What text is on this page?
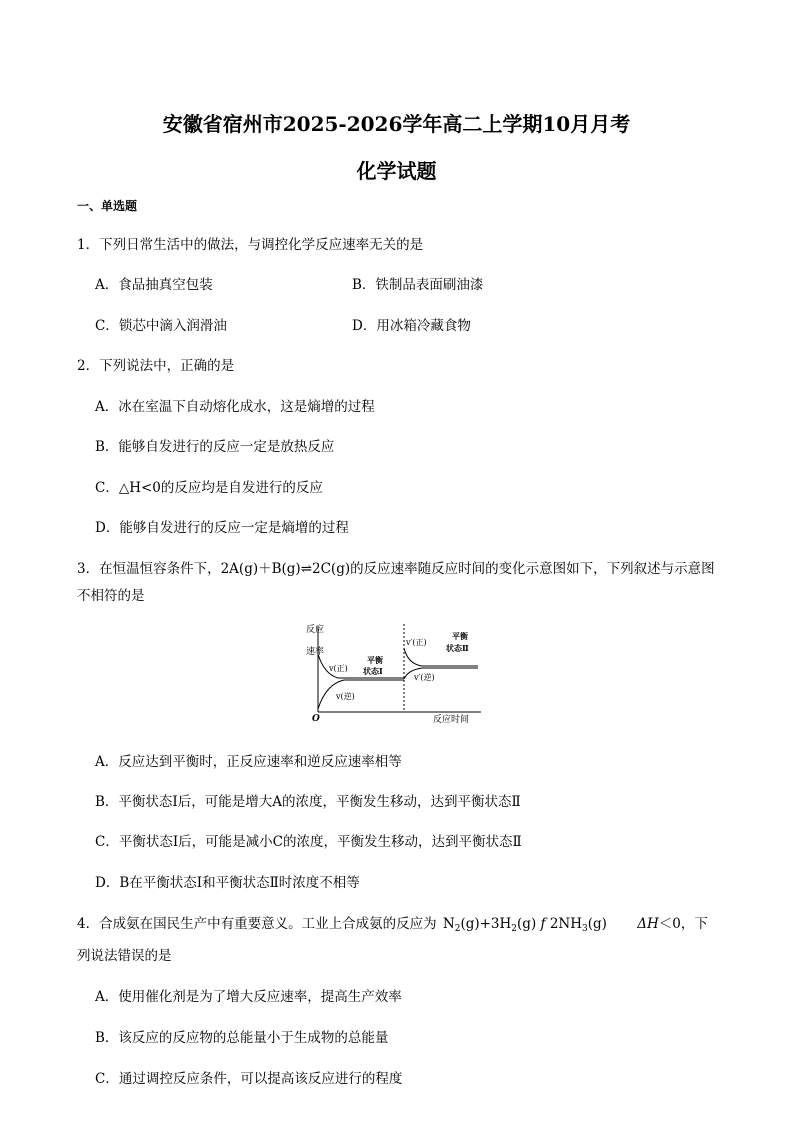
安徽省宿州市2025-2026学年高二上学期10月月考
化学试题
一、单选题
1．下列日常生活中的做法，与调控化学反应速率无关的是
A．食品抽真空包装	B．铁制品表面刷油漆
C．锁芯中滴入润滑油	D．用冰箱冷藏食物
2．下列说法中，正确的是
A．冰在室温下自动熔化成水，这是熵增的过程
B．能够自发进行的反应一定是放热反应
C．△H<0的反应均是自发进行的反应
D．能够自发进行的反应一定是熵增的过程
3．在恒温恒容条件下，2A(g)＋B(g)⇌2C(g)的反应速率随反应时间的变化示意图如下，下列叙述与示意图
不相符的是
反应
速率
O	反应时间
v(正)
v(逆)
平衡
状态Ⅰ
v′(正)
v′(逆)
平衡
状态Ⅱ
A．反应达到平衡时，正反应速率和逆反应速率相等
B．平衡状态Ⅰ后，可能是增大A的浓度，平衡发生移动，达到平衡状态Ⅱ
C．平衡状态Ⅰ后，可能是减小C的浓度，平衡发生移动，达到平衡状态Ⅱ
D．B在平衡状态Ⅰ和平衡状态Ⅱ时浓度不相等
4．合成氨在国民生产中有重要意义。工业上合成氨的反应为 $N_2(g)+3H_2(g)$ f $2NH_3(g)$ ΔH＜0，下
列说法错误的是
A．使用催化剂是为了增大反应速率，提高生产效率
B．该反应的反应物的总能量小于生成物的总能量
C．通过调控反应条件，可以提高该反应进行的程度
